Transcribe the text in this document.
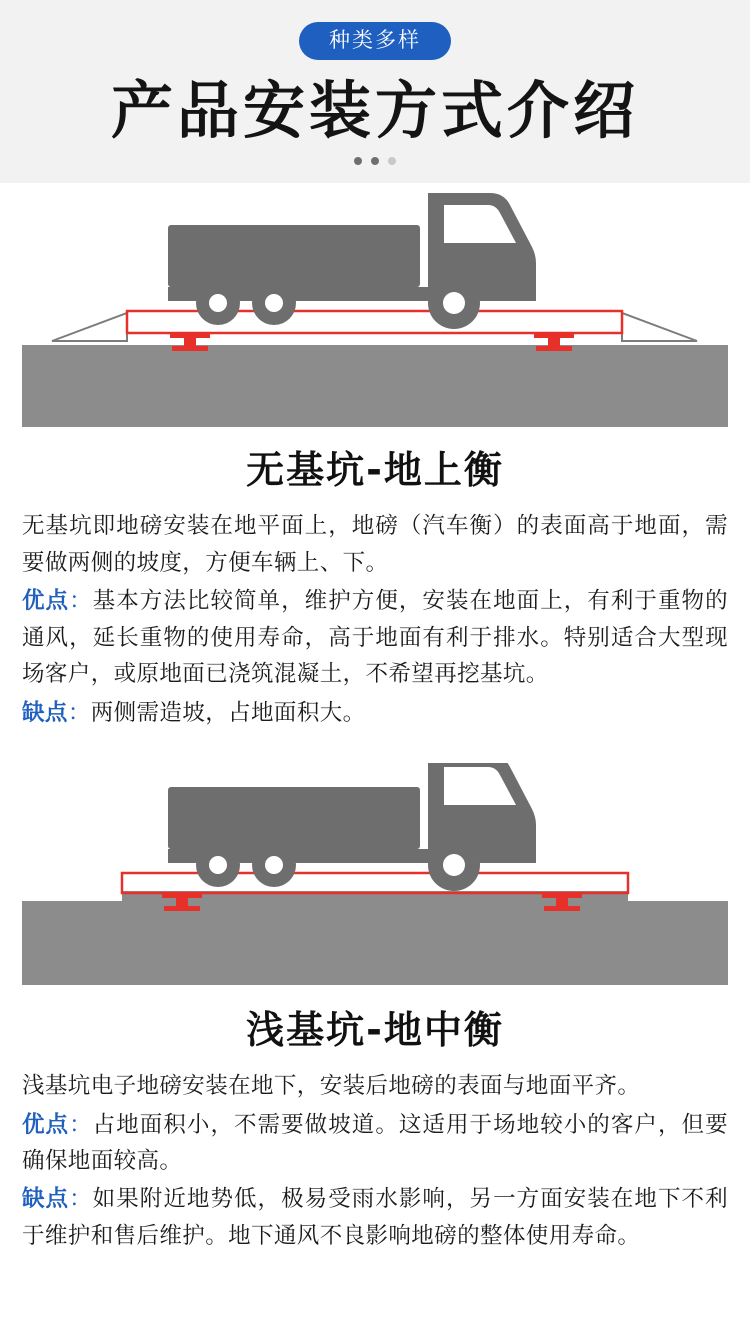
种类多样
产品安装方式介绍
无基坑-地上衡

无基坑即地磅安装在地平面上，地磅（汽车衡）的表面高于地面，需要做两侧的坡度，方便车辆上、下。

优点：基本方法比较简单，维护方便，安装在地面上，有利于重物的通风，延长重物的使用寿命，高于地面有利于排水。特别适合大型现场客户，或原地面已浇筑混凝土，不希望再挖基坑。

缺点：两侧需造坡，占地面积大。

浅基坑-地中衡

浅基坑电子地磅安装在地下，安装后地磅的表面与地面平齐。

优点：占地面积小，不需要做坡道。这适用于场地较小的客户，但要确保地面较高。

缺点：如果附近地势低，极易受雨水影响，另一方面安装在地下不利于维护和售后维护。地下通风不良影响地磅的整体使用寿命。
